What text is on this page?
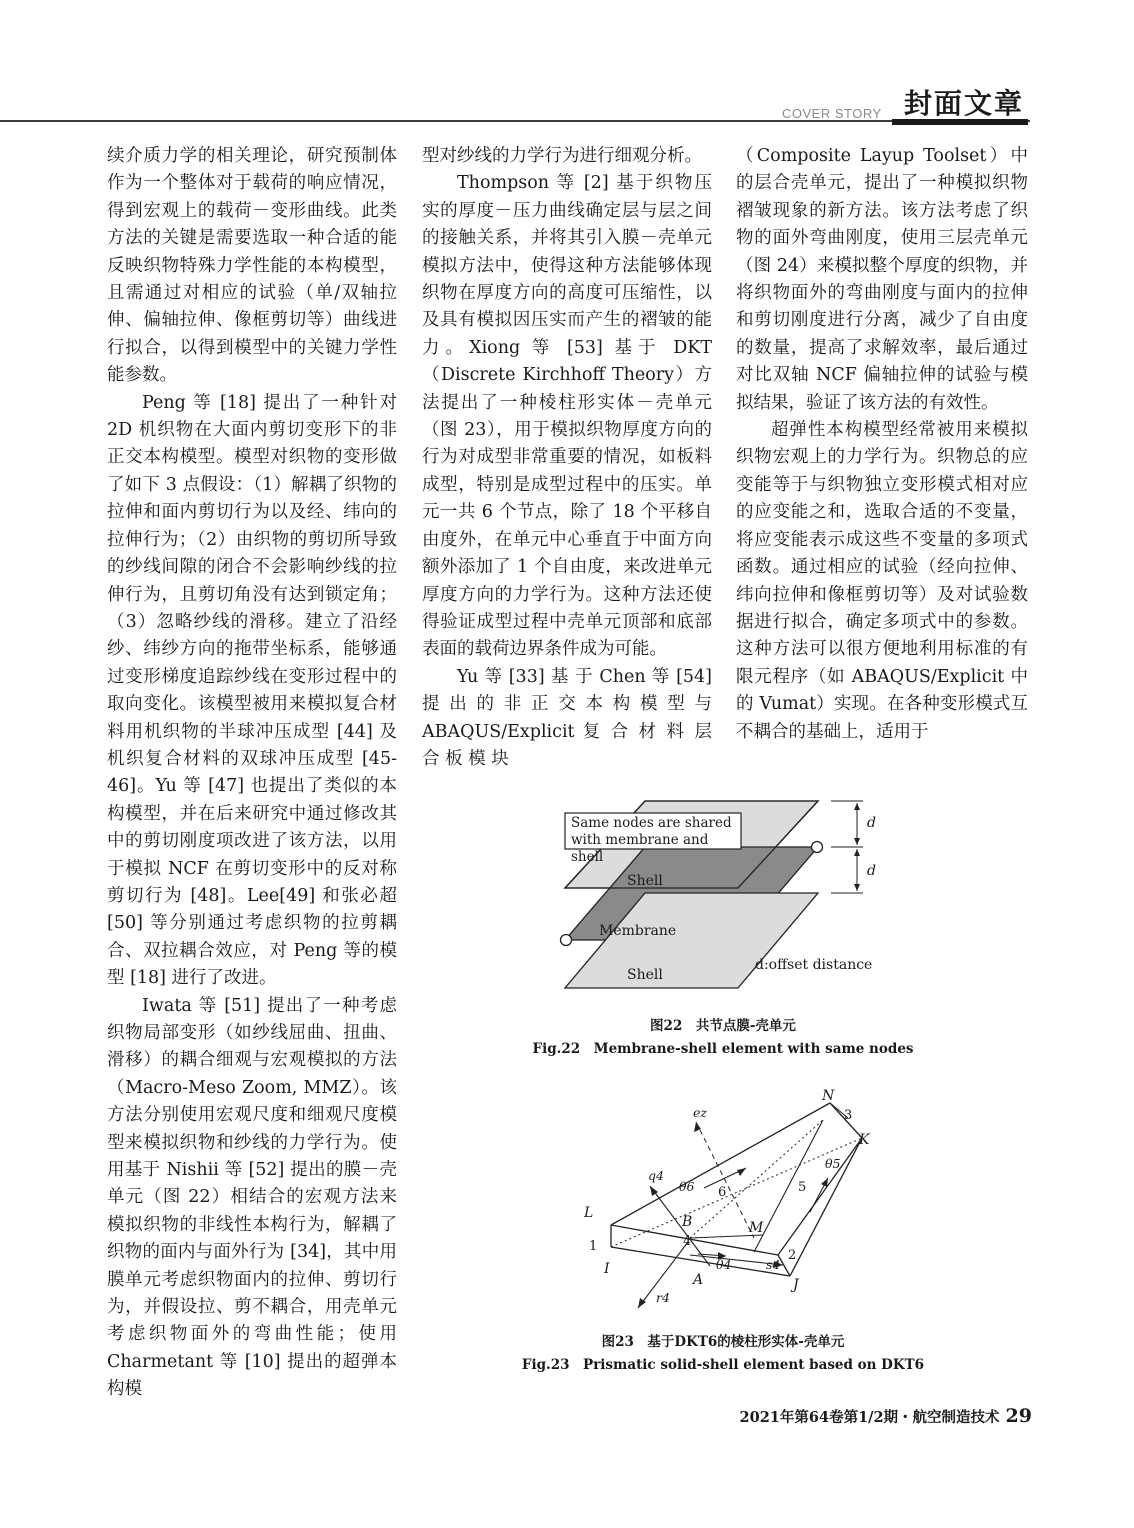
COVER STORY 封面文章

续介质力学的相关理论，研究预制体作为一个整体对于载荷的响应情况，得到宏观上的载荷－变形曲线。此类方法的关键是需要选取一种合适的能反映织物特殊力学性能的本构模型，且需通过对相应的试验（单/双轴拉伸、偏轴拉伸、像框剪切等）曲线进行拟合，以得到模型中的关键力学性能参数。

Peng 等 [18] 提出了一种针对 2D 机织物在大面内剪切变形下的非正交本构模型。模型对织物的变形做了如下 3 点假设：（1）解耦了织物的拉伸和面内剪切行为以及经、纬向的拉伸行为；（2）由织物的剪切所导致的纱线间隙的闭合不会影响纱线的拉伸行为，且剪切角没有达到锁定角；（3）忽略纱线的滑移。建立了沿经纱、纬纱方向的拖带坐标系，能够通过变形梯度追踪纱线在变形过程中的取向变化。该模型被用来模拟复合材料用机织物的半球冲压成型 [44] 及机织复合材料的双球冲压成型 [45-46]。Yu 等 [47] 也提出了类似的本构模型，并在后来研究中通过修改其中的剪切刚度项改进了该方法，以用于模拟 NCF 在剪切变形中的反对称剪切行为 [48]。Lee[49] 和张必超 [50] 等分别通过考虑织物的拉剪耦合、双拉耦合效应，对 Peng 等的模型 [18] 进行了改进。

Iwata 等 [51] 提出了一种考虑织物局部变形（如纱线屈曲、扭曲、滑移）的耦合细观与宏观模拟的方法（Macro-Meso Zoom, MMZ）。该方法分别使用宏观尺度和细观尺度模型来模拟织物和纱线的力学行为。使用基于 Nishii 等 [52] 提出的膜－壳单元（图 22）相结合的宏观方法来模拟织物的非线性本构行为，解耦了织物的面内与面外行为 [34]，其中用膜单元考虑织物面内的拉伸、剪切行为，并假设拉、剪不耦合，用壳单元考虑织物面外的弯曲性能；使用 Charmetant 等 [10] 提出的超弹本构模

型对纱线的力学行为进行细观分析。

Thompson 等 [2] 基于织物压实的厚度－压力曲线确定层与层之间的接触关系，并将其引入膜－壳单元模拟方法中，使得这种方法能够体现织物在厚度方向的高度可压缩性，以及具有模拟因压实而产生的褶皱的能力。Xiong 等 [53] 基于 DKT（Discrete Kirchhoff Theory）方法提出了一种棱柱形实体－壳单元（图 23），用于模拟织物厚度方向的行为对成型非常重要的情况，如板料成型，特别是成型过程中的压实。单元一共 6 个节点，除了 18 个平移自由度外，在单元中心垂直于中面方向额外添加了 1 个自由度，来改进单元厚度方向的力学行为。这种方法还使得验证成型过程中壳单元顶部和底部表面的载荷边界条件成为可能。

Yu 等 [33] 基 于 Chen 等 [54] 提出的非正交本构模型与 ABAQUS/Explicit 复 合 材 料 层 合 板 模 块

（Composite Layup Toolset）中的层合壳单元，提出了一种模拟织物褶皱现象的新方法。该方法考虑了织物的面外弯曲刚度，使用三层壳单元（图 24）来模拟整个厚度的织物，并将织物面外的弯曲刚度与面内的拉伸和剪切刚度进行分离，减少了自由度的数量，提高了求解效率，最后通过对比双轴 NCF 偏轴拉伸的试验与模拟结果，验证了该方法的有效性。

超弹性本构模型经常被用来模拟织物宏观上的力学行为。织物总的应变能等于与织物独立变形模式相对应的应变能之和，选取合适的不变量，将应变能表示成这些不变量的多项式函数。通过相应的试验（经向拉伸、纬向拉伸和像框剪切等）及对试验数据进行拟合，确定多项式中的参数。这种方法可以很方便地利用标准的有限元程序（如 ABAQUS/Explicit 中的 Vumat）实现。在各种变形模式互不耦合的基础上，适用于

Same nodes are shared with membrane and shell
Shell
Membrane
Shell
d
d
d:offset distance
图22　共节点膜-壳单元
Fig.22　Membrane-shell element with same nodes
N
3
K
L
1
I
B
4
A
M
2
J
5
6
θ6
θ5
θ4
ez
q4
r4
s4
图23　基于DKT6的棱柱形实体-壳单元
Fig.23　Prismatic solid-shell element based on DKT6
2021年第64卷第1/2期・航空制造技术 29
